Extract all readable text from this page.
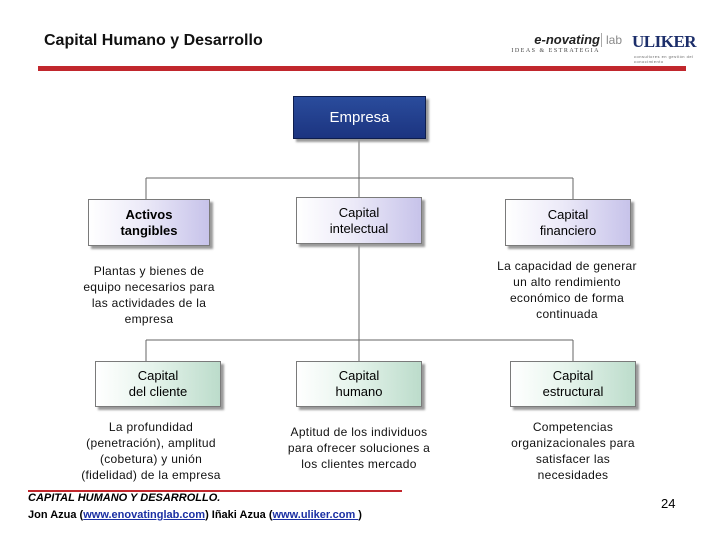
Capital Humano y Desarrollo	e-novating lab
IDEAS & ESTRATEGIA ULIKER
consultores en gestión del conocimiento
Empresa
Activos
tangibles
Capital
intelectual
Capital
financiero
Plantas y bienes de equipo necesarios para las actividades de la empresa
La capacidad de generar un alto rendimiento económico de forma continuada
Capital
del cliente
Capital
humano
Capital
estructural
La profundidad (penetración), amplitud (cobetura) y unión (fidelidad) de la empresa
Aptitud de los individuos para ofrecer soluciones a los clientes mercado
Competencias organizacionales para satisfacer las necesidades
CAPITAL HUMANO Y DESARROLLO.
Jon Azua (www.enovatinglab.com) Iñaki Azua (www.uliker.com )
24
